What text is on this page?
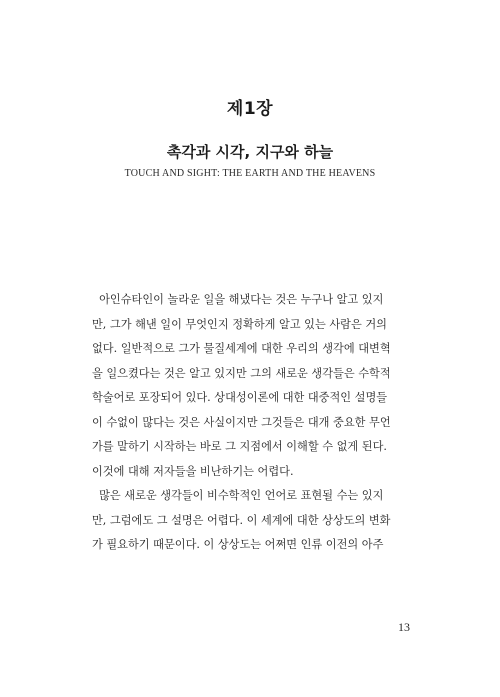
제1장
촉각과 시각, 지구와 하늘
TOUCH AND SIGHT: THE EARTH AND THE HEAVENS
아인슈타인이 놀라운 일을 해냈다는 것은 누구나 알고 있지
만, 그가 해낸 일이 무엇인지 정확하게 알고 있는 사람은 거의
없다. 일반적으로 그가 물질세계에 대한 우리의 생각에 대변혁
을 일으켰다는 것은 알고 있지만 그의 새로운 생각들은 수학적
학술어로 포장되어 있다. 상대성이론에 대한 대중적인 설명들
이 수없이 많다는 것은 사실이지만 그것들은 대개 중요한 무언
가를 말하기 시작하는 바로 그 지점에서 이해할 수 없게 된다.
이것에 대해 저자들을 비난하기는 어렵다.
많은 새로운 생각들이 비수학적인 언어로 표현될 수는 있지
만, 그럼에도 그 설명은 어렵다. 이 세계에 대한 상상도의 변화
가 필요하기 때문이다. 이 상상도는 어쩌면 인류 이전의 아주
13
